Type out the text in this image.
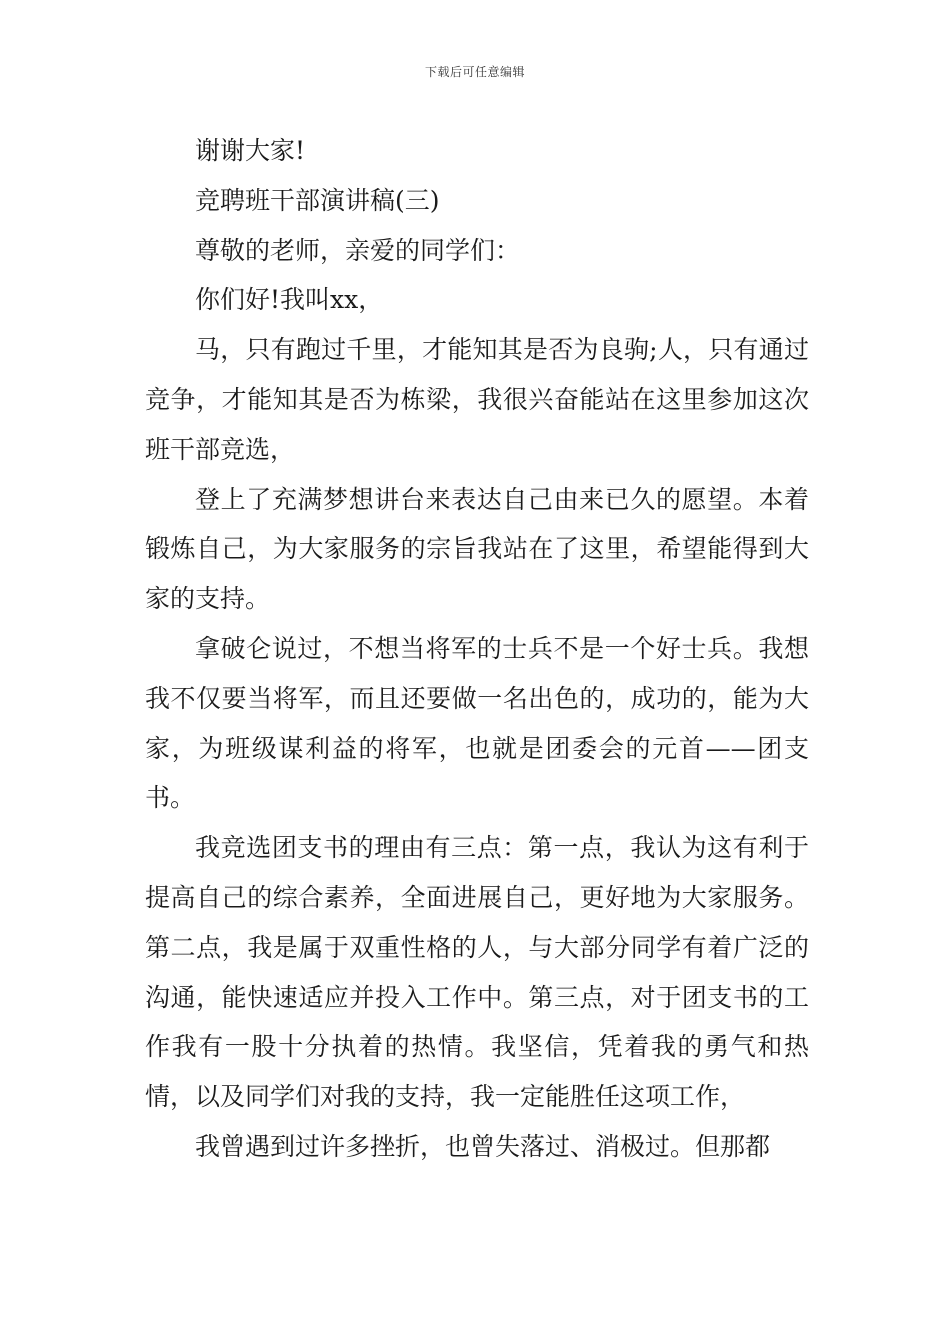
下载后可任意编辑

谢谢大家!

竞聘班干部演讲稿(三)

尊敬的老师，亲爱的同学们：

你们好!我叫xx，

马，只有跑过千里，才能知其是否为良驹;人，只有通过竞争，才能知其是否为栋梁，我很兴奋能站在这里参加这次班干部竞选，

登上了充满梦想讲台来表达自己由来已久的愿望。本着锻炼自己，为大家服务的宗旨我站在了这里，希望能得到大家的支持。

拿破仑说过，不想当将军的士兵不是一个好士兵。我想我不仅要当将军，而且还要做一名出色的，成功的，能为大家，为班级谋利益的将军，也就是团委会的元首——团支书。

我竞选团支书的理由有三点：第一点，我认为这有利于提高自己的综合素养，全面进展自己，更好地为大家服务。第二点，我是属于双重性格的人，与大部分同学有着广泛的沟通，能快速适应并投入工作中。第三点，对于团支书的工作我有一股十分执着的热情。我坚信，凭着我的勇气和热情，以及同学们对我的支持，我一定能胜任这项工作，

我曾遇到过许多挫折，也曾失落过、消极过。但那都
